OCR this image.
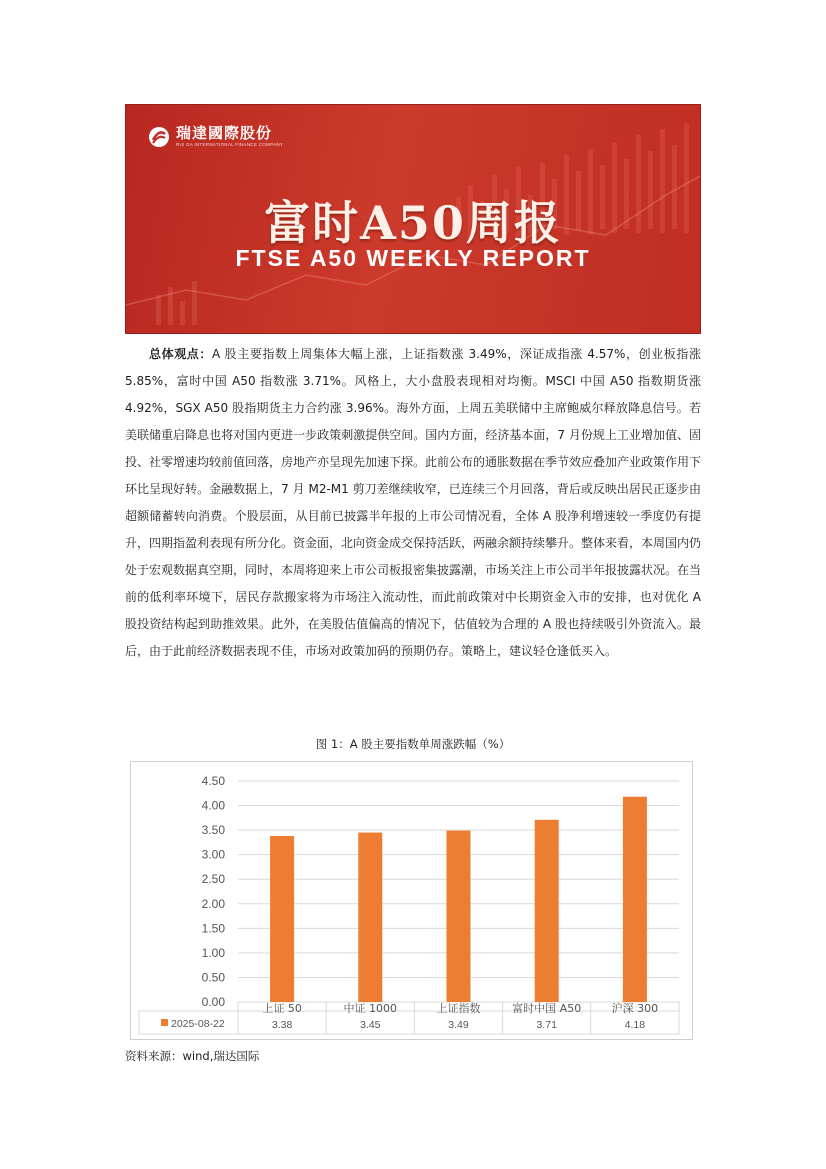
瑞達國際股份
RUI DA INTERNATIONAL FINANCE COMPANY
富时A50周报
FTSE A50 WEEKLY REPORT

总体观点：A 股主要指数上周集体大幅上涨，上证指数涨 3.49%，深证成指涨 4.57%，创业板指涨 5.85%，富时中国 A50 指数涨 3.71%。风格上，大小盘股表现相对均衡。MSCI 中国 A50 指数期货涨 4.92%，SGX A50 股指期货主力合约涨 3.96%。海外方面，上周五美联储中主席鲍威尔释放降息信号。若美联储重启降息也将对国内更进一步政策刺激提供空间。国内方面，经济基本面，7 月份规上工业增加值、固投、社零增速均较前值回落，房地产亦呈现先加速下探。此前公布的通胀数据在季节效应叠加产业政策作用下环比呈现好转。金融数据上，7 月 M2-M1 剪刀差继续收窄，已连续三个月回落，背后或反映出居民正逐步由超额储蓄转向消费。个股层面，从目前已披露半年报的上市公司情况看，全体 A 股净利增速较一季度仍有提升，四期指盈利表现有所分化。资金面，北向资金成交保持活跃，两融余额持续攀升。整体来看，本周国内仍处于宏观数据真空期，同时，本周将迎来上市公司板报密集披露潮，市场关注上市公司半年报披露状况。在当前的低利率环境下，居民存款搬家将为市场注入流动性，而此前政策对中长期资金入市的安排，也对优化 A 股投资结构起到助推效果。此外，在美股估值偏高的情况下，估值较为合理的 A 股也持续吸引外资流入。最后，由于此前经济数据表现不佳，市场对政策加码的预期仍存。策略上，建议轻仓逢低买入。

图 1：A 股主要指数单周涨跌幅（%）
0.00
0.50
1.00
1.50
2.00
2.50
3.00
3.50
4.00
4.50
上证 50
3.38
中证 1000
3.45
上证指数
3.49
富时中国 A50
3.71
沪深 300
4.18
2025-08-22
资料来源：wind,瑞达国际
